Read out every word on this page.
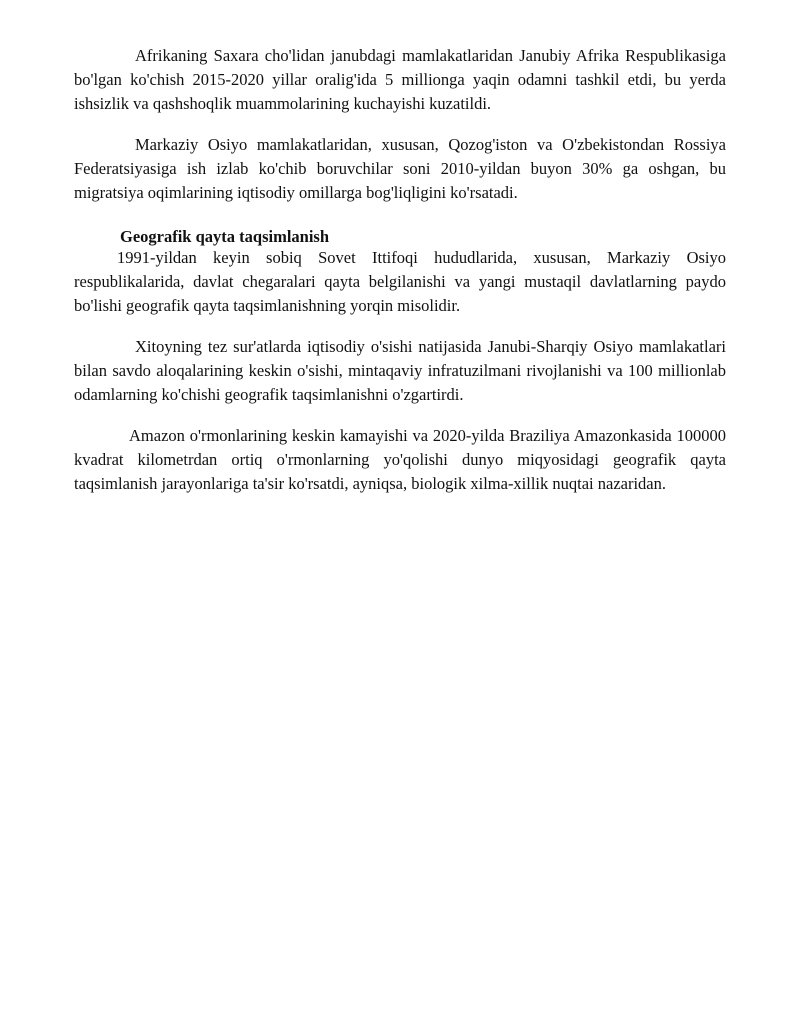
Afrikaning Saxara cho'lidan janubdagi mamlakatlaridan Janubiy Afrika Respublikasiga bo'lgan ko'chish 2015-2020 yillar oralig'ida 5 millionga yaqin odamni tashkil etdi, bu yerda ishsizlik va qashshoqlik muammolarining kuchayishi kuzatildi.

Markaziy Osiyo mamlakatlaridan, xususan, Qozog'iston va O'zbekistondan Rossiya Federatsiyasiga ish izlab ko'chib boruvchilar soni 2010-yildan buyon 30% ga oshgan, bu migratsiya oqimlarining iqtisodiy omillarga bog'liqligini ko'rsatadi.

Geografik qayta taqsimlanish

1991-yildan keyin sobiq Sovet Ittifoqi hududlarida, xususan, Markaziy Osiyo respublikalarida, davlat chegaralari qayta belgilanishi va yangi mustaqil davlatlarning paydo bo'lishi geografik qayta taqsimlanishning yorqin misolidir.

Xitoyning tez sur'atlarda iqtisodiy o'sishi natijasida Janubi-Sharqiy Osiyo mamlakatlari bilan savdo aloqalarining keskin o'sishi, mintaqaviy infratuzilmani rivojlanishi va 100 millionlab odamlarning ko'chishi geografik taqsimlanishni o'zgartirdi.

Amazon o'rmonlarining keskin kamayishi va 2020-yilda Braziliya Amazonkasida 100000 kvadrat kilometrdan ortiq o'rmonlarning yo'qolishi dunyo miqyosidagi geografik qayta taqsimlanish jarayonlariga ta'sir ko'rsatdi, ayniqsa, biologik xilma-xillik nuqtai nazaridan.
